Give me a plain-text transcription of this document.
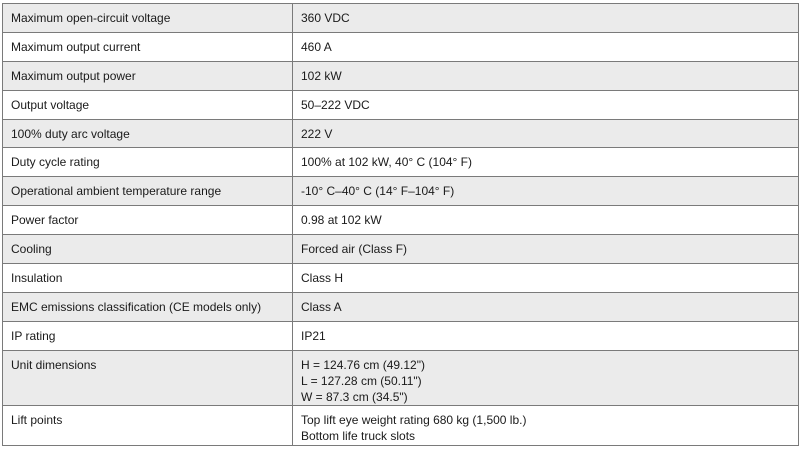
Maximum open-circuit voltage	360 VDC

Maximum output current	460 A

Maximum output power	102 kW

Output voltage	50–222 VDC

100% duty arc voltage	222 V

Duty cycle rating	100% at 102 kW, 40° C (104° F)

Operational ambient temperature range	-10° C–40° C (14° F–104° F)

Power factor	0.98 at 102 kW

Cooling	Forced air (Class F)

Insulation	Class H

EMC emissions classification (CE models only)	Class A

IP rating	IP21

Unit dimensions	H = 124.76 cm (49.12")
L = 127.28 cm (50.11")
W = 87.3 cm (34.5")

Lift points	Top lift eye weight rating 680 kg (1,500 lb.)
Bottom life truck slots
